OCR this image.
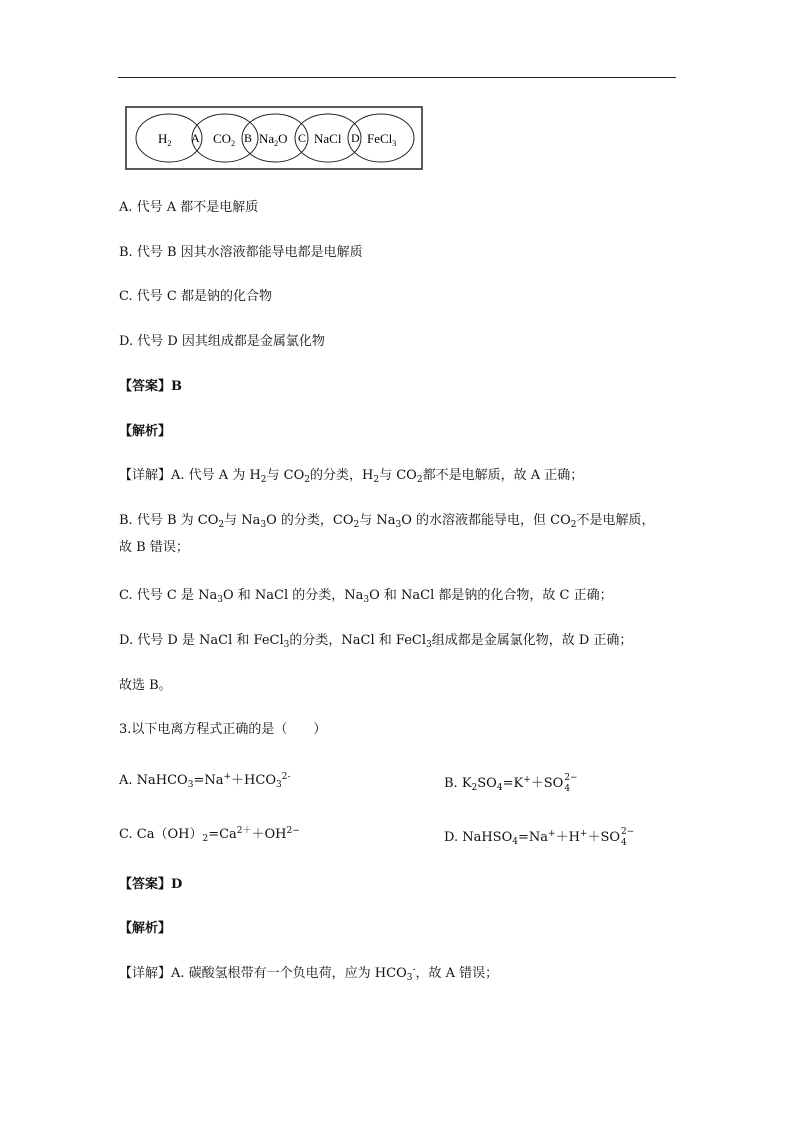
$H_2$	$CO_2$ $Na_2O$ NaCl FeCl$_3$
A	B	C	D
A. 代号 A 都不是电解质
B. 代号 B 因其水溶液都能导电都是电解质
C. 代号 C 都是钠的化合物
D. 代号 D 因其组成都是金属氯化物
【答案】B
【解析】
【详解】A. 代号 A 为 $H_2$与 $CO_2$的分类，$H_2$与 $CO_2$都不是电解质，故 A 正确；
B. 代号 B 为 $CO_2$与 $Na_3O$ 的分类，$CO_2$与 $Na_3O$ 的水溶液都能导电，但 $CO_2$不是电解质，
故 B 错误；
C. 代号 C 是 $Na_3O$ 和 NaCl 的分类，$Na_3O$ 和 NaCl 都是钠的化合物，故 C 正确；
D. 代号 D 是 NaCl 和 FeCl$_3$的分类，NaCl 和 FeCl$_3$组成都是金属氯化物，故 D 正确；
故选 B。
3.以下电离方程式正确的是（　　）
A. $NaHCO_3=Na^++HCO_3^{2-}$	B. $K_2SO_4=K^++SO$ 2−
4
C. $Ca(OH)_2=Ca^{2+}+OH^{2-}$	D. NaHSO$_4$=Na+＋H+＋SO 2−
4
【答案】D
【解析】
【详解】A. 碳酸氢根带有一个负电荷，应为 $HCO_3^-$，故 A 错误；
